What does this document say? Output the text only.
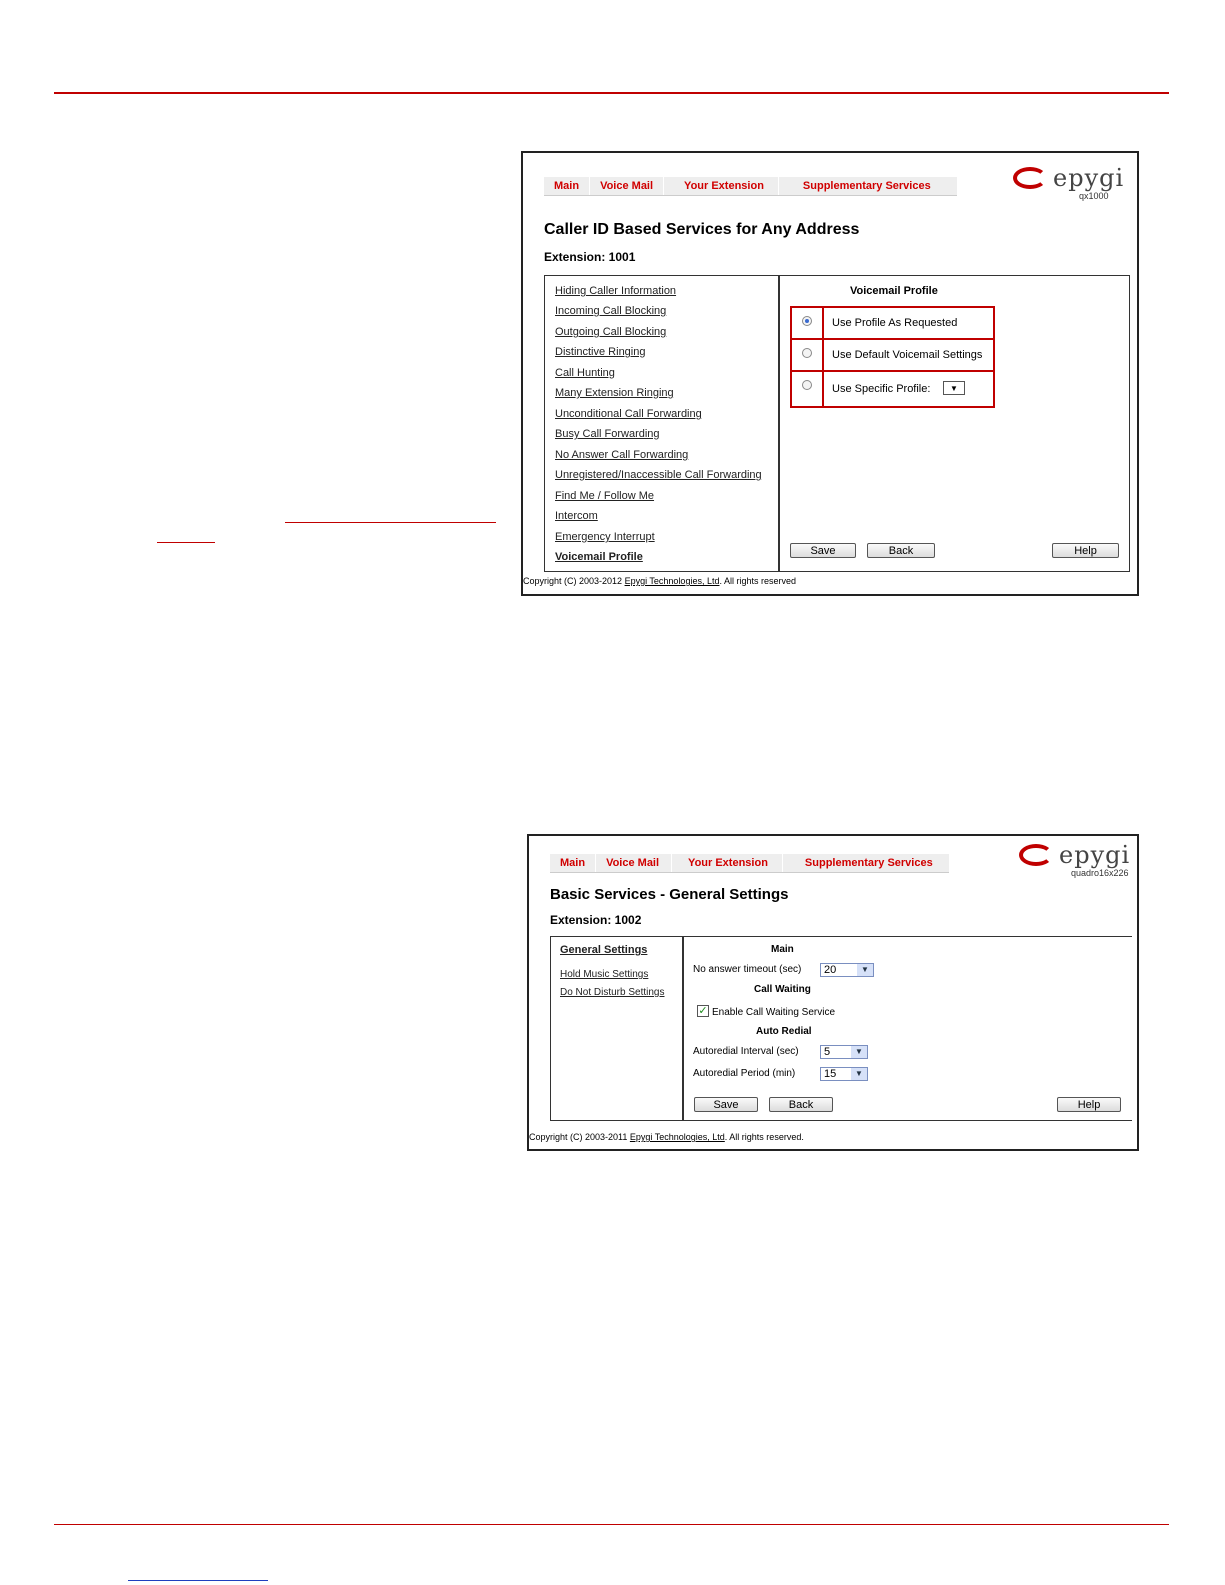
Main	Voice Mail	Your Extension	Supplementary Services	epygi
qx1000
Caller ID Based Services for Any Address
Extension: 1001
Hiding Caller Information
Incoming Call Blocking
Outgoing Call Blocking
Distinctive Ringing
Call Hunting
Many Extension Ringing
Unconditional Call Forwarding
Busy Call Forwarding
No Answer Call Forwarding
Unregistered/Inaccessible Call Forwarding
Find Me / Follow Me
Intercom
Emergency Interrupt
Voicemail Profile
Voicemail Profile
Use Profile As Requested
Use Default Voicemail Settings
Use Specific Profile:	▼
Save	Back	Help
Copyright (C) 2003-2012 Epygi Technologies, Ltd. All rights reserved
Main	Voice Mail	Your Extension	Supplementary Services	epygi
quadro16x226
Basic Services - General Settings
Extension: 1002
General Settings
Hold Music Settings
Do Not Disturb Settings
Main
No answer timeout (sec)	20	▼
Call Waiting
✓ Enable Call Waiting Service
Auto Redial
Autoredial Interval (sec)	5	▼
Autoredial Period (min)	15	▼
Save	Back	Help
Copyright (C) 2003-2011 Epygi Technologies, Ltd. All rights reserved.
